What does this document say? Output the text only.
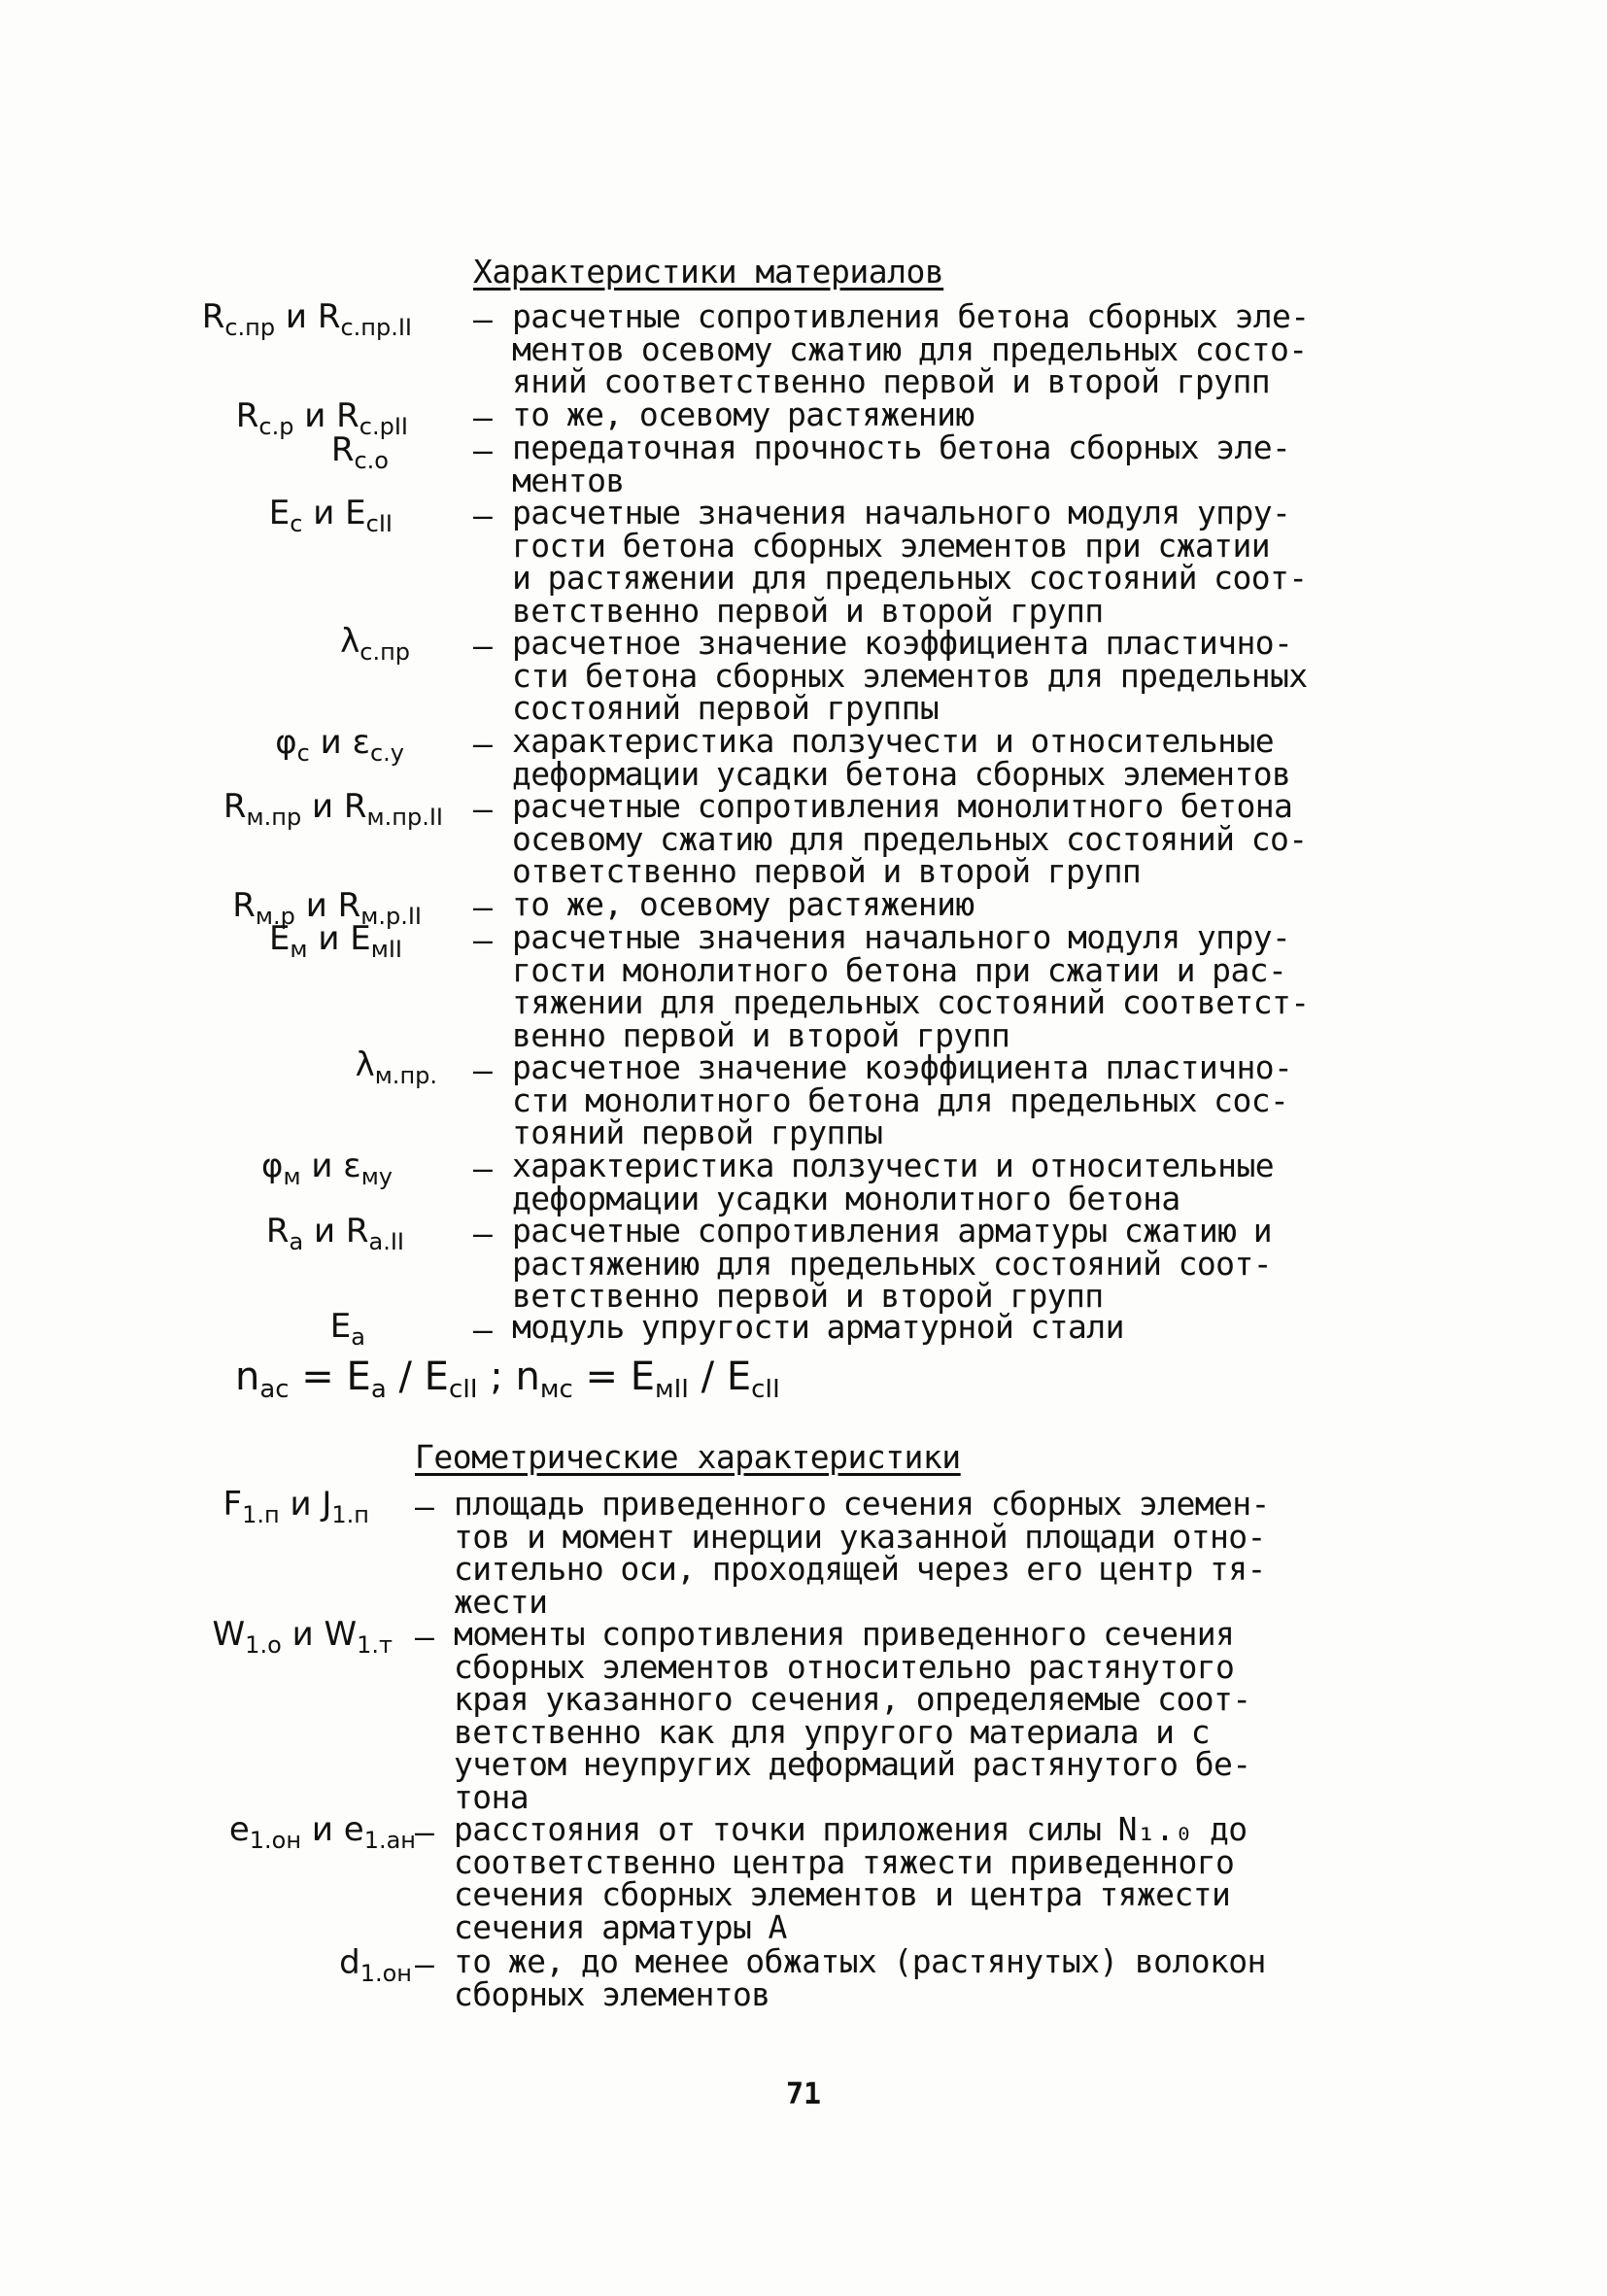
Характеристики материалов
$R_{с.пр}$ и $R_{с.пр.II}$ – расчетные сопротивления бетона сборных эле-
ментов осевому сжатию для предельных состо-
яний соответственно первой и второй групп
$R_{с.р}$ и $R_{с.рII}$ – то же, осевому растяжению
$R_{с.о}$	– передаточная прочность бетона сборных эле-
ментов
$E_с$ и $E_{сII}$	– расчетные значения начального модуля упру-
гости бетона сборных элементов при сжатии
и растяжении для предельных состояний соот-
ветственно первой и второй групп
$\lambda_{с.пр}$ – расчетное значение коэффициента пластично-
сти бетона сборных элементов для предельных
состояний первой группы
$\varphi_с$ и $\varepsilon_{с.у}$ – характеристика ползучести и относительные
деформации усадки бетона сборных элементов
$R_{м.пр}$ и $R_{м.пр.II}$ – расчетные сопротивления монолитного бетона
осевому сжатию для предельных состояний со-
ответственно первой и второй групп
$R_{м.р}$ и $R_{м.р.II}$ – то же, осевому растяжению
$E_м$ и $E_{мII}$ – расчетные значения начального модуля упру-
гости монолитного бетона при сжатии и рас-
тяжении для предельных состояний соответст-
венно первой и второй групп
$\lambda_{м.пр.}$ – расчетное значение коэффициента пластично-
сти монолитного бетона для предельных сос-
тояний первой группы
$\varphi_м$ и $\varepsilon_{му}$	– характеристика ползучести и относительные
деформации усадки монолитного бетона
$R_а$ и $R_{а.II}$ – расчетные сопротивления арматуры сжатию и
растяжению для предельных состояний соот-
ветственно первой и второй групп
$E_а$	– модуль упругости арматурной стали
$n_{ас} = E_а / E_{сII}$ ; $n_{мс} = E_{мII} / E_{сII}$
Геометрические характеристики
$F_{1.п}$ и $J_{1.п}$ – площадь приведенного сечения сборных элемен-
тов и момент инерции указанной площади отно-
сительно оси, проходящей через его центр тя-
жести
$W_{1.о}$ и $W_{1.т}$ – моменты сопротивления приведенного сечения
сборных элементов относительно растянутого
края указанного сечения, определяемые соот-
ветственно как для упругого материала и с
учетом неупругих деформаций растянутого бе-
тона
$e_{1.он}$ и $e_{1.ан}$ – расстояния от точки приложения силы N₁.₀ до
соответственно центра тяжести приведенного
сечения сборных элементов и центра тяжести
сечения арматуры А
$d_{1.он}$ – то же, до менее обжатых (растянутых) волокон
сборных элементов
71
